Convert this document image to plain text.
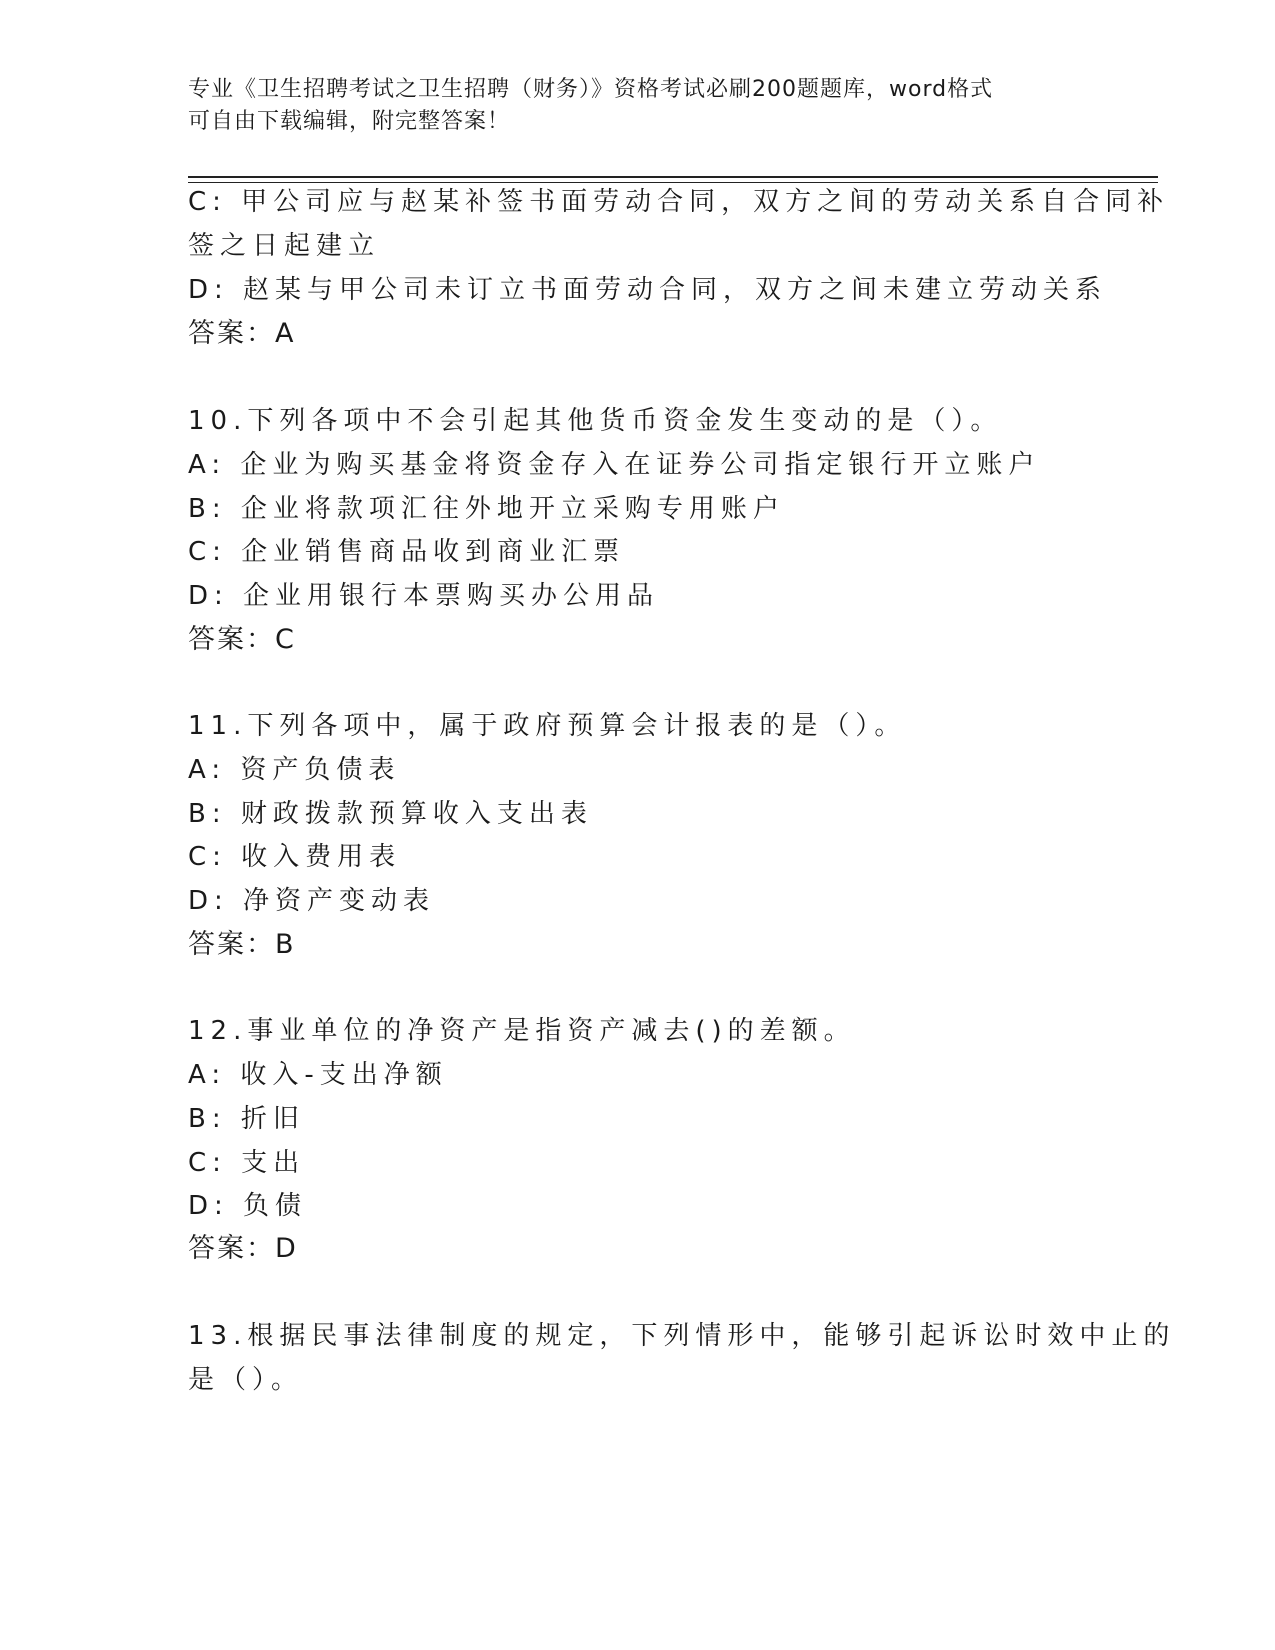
专业《卫生招聘考试之卫生招聘（财务）》资格考试必刷200题题库，word格式
可自由下载编辑，附完整答案！
C: 甲公司应与赵某补签书面劳动合同，双方之间的劳动关系自合同补
签之日起建立
D: 赵某与甲公司未订立书面劳动合同，双方之间未建立劳动关系
答案：A
10.下列各项中不会引起其他货币资金发生变动的是（）。
A: 企业为购买基金将资金存入在证券公司指定银行开立账户
B: 企业将款项汇往外地开立采购专用账户
C: 企业销售商品收到商业汇票
D: 企业用银行本票购买办公用品
答案：C
11.下列各项中，属于政府预算会计报表的是（）。
A: 资产负债表
B: 财政拨款预算收入支出表
C: 收入费用表
D: 净资产变动表
答案：B
12.事业单位的净资产是指资产减去()的差额。
A: 收入-支出净额
B: 折旧
C: 支出
D: 负债
答案：D
13.根据民事法律制度的规定，下列情形中，能够引起诉讼时效中止的
是（）。
